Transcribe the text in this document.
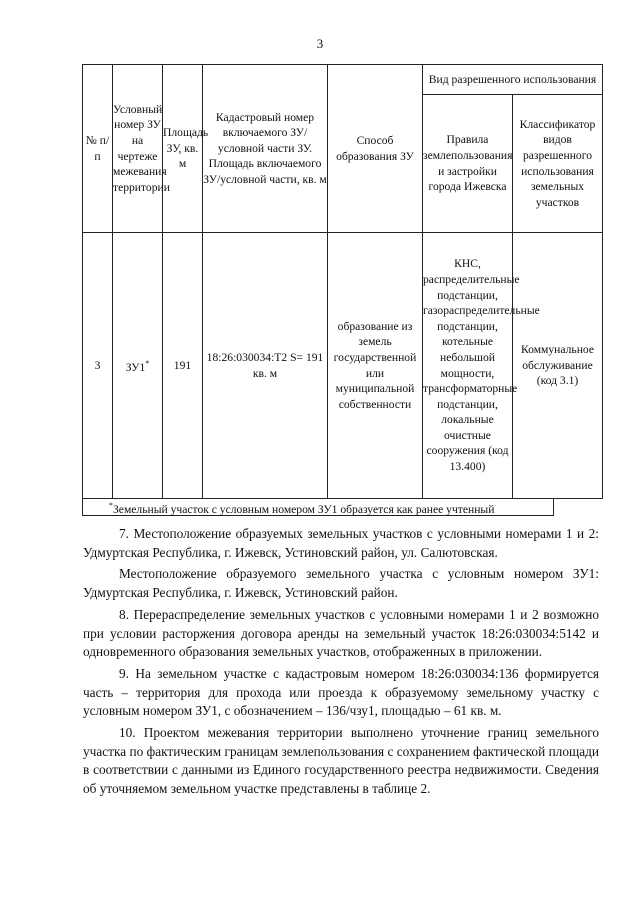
3
№ п/п	Условный номер ЗУ на чертеже межевания территории	Площадь ЗУ, кв. м	Кадастровый номер включаемого ЗУ/ условной части ЗУ. Площадь включаемого ЗУ/условной части, кв. м	Способ образования ЗУ	Вид разрешенного использования	
					Правила землепользования и застройки города Ижевска	Классификатор видов разрешенного использования земельных участков
3	ЗУ1*	191	18:26:030034:Т2 S= 191 кв. м	образование из земель государственной или муниципальной собственности	КНС, распределительные подстанции, газораспределительные подстанции, котельные небольшой мощности, трансформаторные подстанции, локальные очистные сооружения (код 13.400)	Коммунальное обслуживание (код 3.1)
*Земельный участок с условным номером ЗУ1 образуется как ранее учтенный

7. Местоположение образуемых земельных участков с условными номерами 1 и 2: Удмуртская Республика, г. Ижевск, Устиновский район, ул. Салютовская.

Местоположение образуемого земельного участка с условным номером ЗУ1: Удмуртская Республика, г. Ижевск, Устиновский район.

8. Перераспределение земельных участков с условными номерами 1 и 2 возможно при условии расторжения договора аренды на земельный участок 18:26:030034:5142 и одновременного образования земельных участков, отображенных в приложении.

9. На земельном участке с кадастровым номером 18:26:030034:136 формируется часть – территория для прохода или проезда к образуемому земельному участку с условным номером ЗУ1, с обозначением – 136/чзу1, площадью – 61 кв. м.

10. Проектом межевания территории выполнено уточнение границ земельного участка по фактическим границам землепользования с сохранением фактической площади в соответствии с данными из Единого государственного реестра недвижимости. Сведения об уточняемом земельном участке представлены в таблице 2.
